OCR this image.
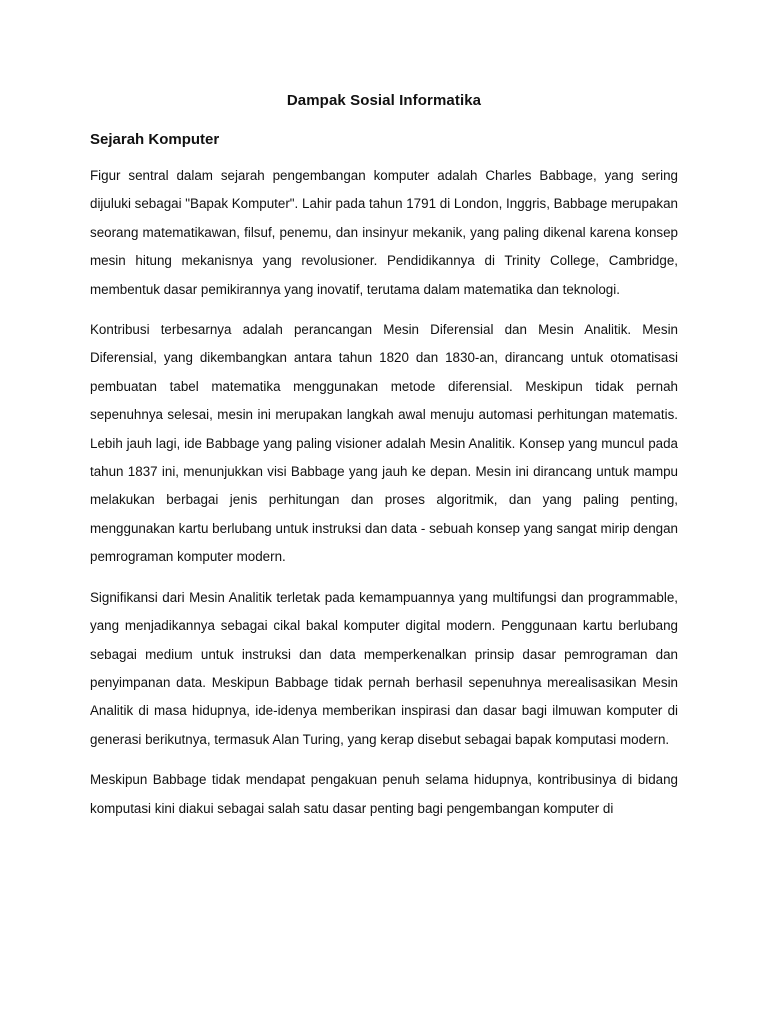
Dampak Sosial Informatika
Sejarah Komputer

Figur sentral dalam sejarah pengembangan komputer adalah Charles Babbage, yang sering dijuluki sebagai "Bapak Komputer". Lahir pada tahun 1791 di London, Inggris, Babbage merupakan seorang matematikawan, filsuf, penemu, dan insinyur mekanik, yang paling dikenal karena konsep mesin hitung mekanisnya yang revolusioner. Pendidikannya di Trinity College, Cambridge, membentuk dasar pemikirannya yang inovatif, terutama dalam matematika dan teknologi.

Kontribusi terbesarnya adalah perancangan Mesin Diferensial dan Mesin Analitik. Mesin Diferensial, yang dikembangkan antara tahun 1820 dan 1830-an, dirancang untuk otomatisasi pembuatan tabel matematika menggunakan metode diferensial. Meskipun tidak pernah sepenuhnya selesai, mesin ini merupakan langkah awal menuju automasi perhitungan matematis. Lebih jauh lagi, ide Babbage yang paling visioner adalah Mesin Analitik. Konsep yang muncul pada tahun 1837 ini, menunjukkan visi Babbage yang jauh ke depan. Mesin ini dirancang untuk mampu melakukan berbagai jenis perhitungan dan proses algoritmik, dan yang paling penting, menggunakan kartu berlubang untuk instruksi dan data - sebuah konsep yang sangat mirip dengan pemrograman komputer modern.

Signifikansi dari Mesin Analitik terletak pada kemampuannya yang multifungsi dan programmable, yang menjadikannya sebagai cikal bakal komputer digital modern. Penggunaan kartu berlubang sebagai medium untuk instruksi dan data memperkenalkan prinsip dasar pemrograman dan penyimpanan data. Meskipun Babbage tidak pernah berhasil sepenuhnya merealisasikan Mesin Analitik di masa hidupnya, ide-idenya memberikan inspirasi dan dasar bagi ilmuwan komputer di generasi berikutnya, termasuk Alan Turing, yang kerap disebut sebagai bapak komputasi modern.

Meskipun Babbage tidak mendapat pengakuan penuh selama hidupnya, kontribusinya di bidang komputasi kini diakui sebagai salah satu dasar penting bagi pengembangan komputer di
